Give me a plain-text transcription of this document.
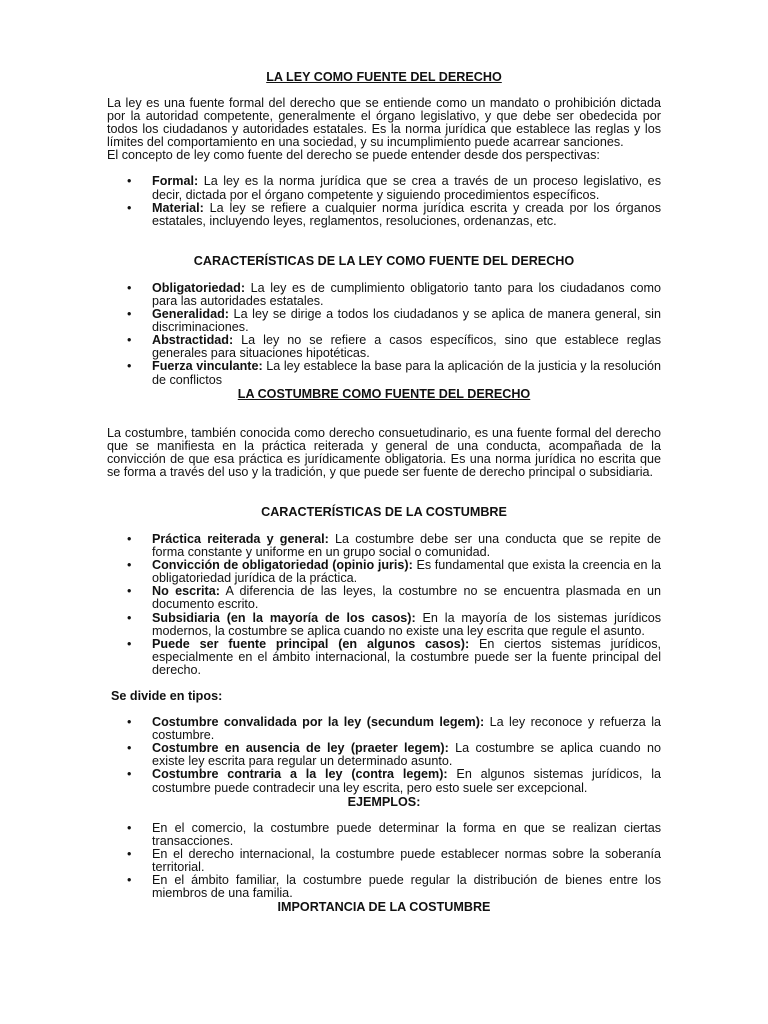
LA LEY COMO FUENTE DEL DERECHO

La ley es una fuente formal del derecho que se entiende como un mandato o prohibición dictada por la autoridad competente, generalmente el órgano legislativo, y que debe ser obedecida por todos los ciudadanos y autoridades estatales. Es la norma jurídica que establece las reglas y los límites del comportamiento en una sociedad, y su incumplimiento puede acarrear sanciones.

El concepto de ley como fuente del derecho se puede entender desde dos perspectivas:

• Formal: La ley es la norma jurídica que se crea a través de un proceso legislativo, es decir, dictada por el órgano competente y siguiendo procedimientos específicos.
• Material: La ley se refiere a cualquier norma jurídica escrita y creada por los órganos estatales, incluyendo leyes, reglamentos, resoluciones, ordenanzas, etc.
CARACTERÍSTICAS DE LA LEY COMO FUENTE DEL DERECHO
• Obligatoriedad: La ley es de cumplimiento obligatorio tanto para los ciudadanos como para las autoridades estatales.
• Generalidad: La ley se dirige a todos los ciudadanos y se aplica de manera general, sin discriminaciones.
• Abstractidad: La ley no se refiere a casos específicos, sino que establece reglas generales para situaciones hipotéticas.
• Fuerza vinculante: La ley establece la base para la aplicación de la justicia y la resolución de conflictos
LA COSTUMBRE COMO FUENTE DEL DERECHO

La costumbre, también conocida como derecho consuetudinario, es una fuente formal del derecho que se manifiesta en la práctica reiterada y general de una conducta, acompañada de la convicción de que esa práctica es jurídicamente obligatoria. Es una norma jurídica no escrita que se forma a través del uso y la tradición, y que puede ser fuente de derecho principal o subsidiaria.

CARACTERÍSTICAS DE LA COSTUMBRE
• Práctica reiterada y general: La costumbre debe ser una conducta que se repite de forma constante y uniforme en un grupo social o comunidad.
• Convicción de obligatoriedad (opinio juris): Es fundamental que exista la creencia en la obligatoriedad jurídica de la práctica.
• No escrita: A diferencia de las leyes, la costumbre no se encuentra plasmada en un documento escrito.
• Subsidiaria (en la mayoría de los casos): En la mayoría de los sistemas jurídicos modernos, la costumbre se aplica cuando no existe una ley escrita que regule el asunto.
• Puede ser fuente principal (en algunos casos): En ciertos sistemas jurídicos, especialmente en el ámbito internacional, la costumbre puede ser la fuente principal del derecho.

Se divide en tipos:

• Costumbre convalidada por la ley (secundum legem): La ley reconoce y refuerza la costumbre.
• Costumbre en ausencia de ley (praeter legem): La costumbre se aplica cuando no existe ley escrita para regular un determinado asunto.
• Costumbre contraria a la ley (contra legem): En algunos sistemas jurídicos, la costumbre puede contradecir una ley escrita, pero esto suele ser excepcional.
EJEMPLOS:
• En el comercio, la costumbre puede determinar la forma en que se realizan ciertas transacciones.
• En el derecho internacional, la costumbre puede establecer normas sobre la soberanía territorial.
• En el ámbito familiar, la costumbre puede regular la distribución de bienes entre los miembros de una familia.
IMPORTANCIA DE LA COSTUMBRE
